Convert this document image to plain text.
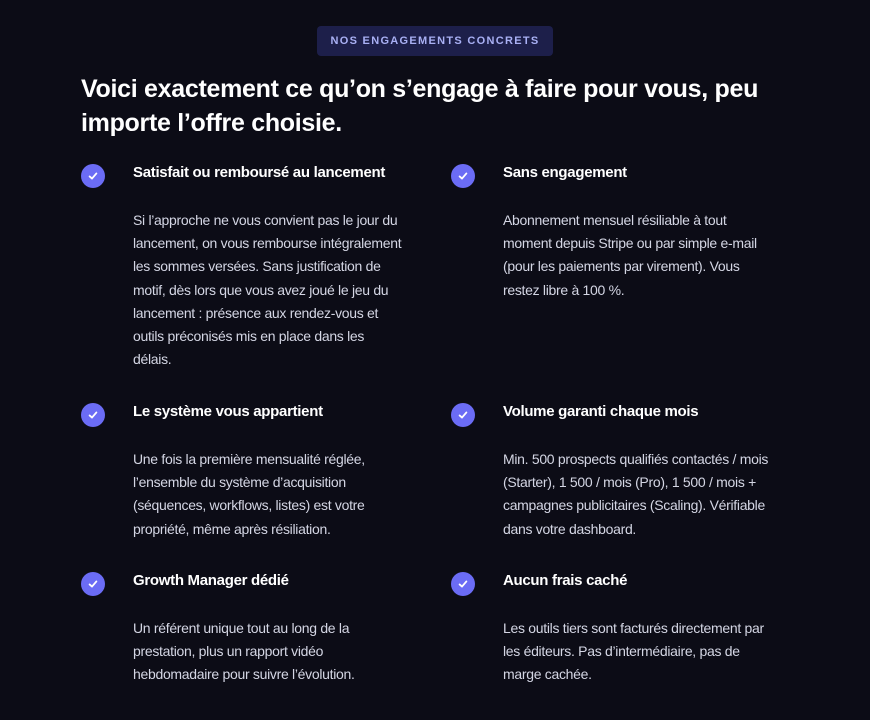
NOS ENGAGEMENTS CONCRETS
Voici exactement ce qu’on s’engage à faire pour vous, peu importe l’offre choisie.
Satisfait ou remboursé au lancement

Si l’approche ne vous convient pas le jour du lancement, on vous rembourse intégralement les sommes versées. Sans justification de motif, dès lors que vous avez joué le jeu du lancement : présence aux rendez-vous et outils préconisés mis en place dans les délais.

Sans engagement

Abonnement mensuel résiliable à tout moment depuis Stripe ou par simple e-mail (pour les paiements par virement). Vous restez libre à 100 %.

Le système vous appartient

Une fois la première mensualité réglée, l’ensemble du système d’acquisition (séquences, workflows, listes) est votre propriété, même après résiliation.

Volume garanti chaque mois

Min. 500 prospects qualifiés contactés / mois (Starter), 1 500 / mois (Pro), 1 500 / mois + campagnes publicitaires (Scaling). Vérifiable dans votre dashboard.

Growth Manager dédié

Un référent unique tout au long de la prestation, plus un rapport vidéo hebdomadaire pour suivre l’évolution.

Aucun frais caché

Les outils tiers sont facturés directement par les éditeurs. Pas d’intermédiaire, pas de marge cachée.
